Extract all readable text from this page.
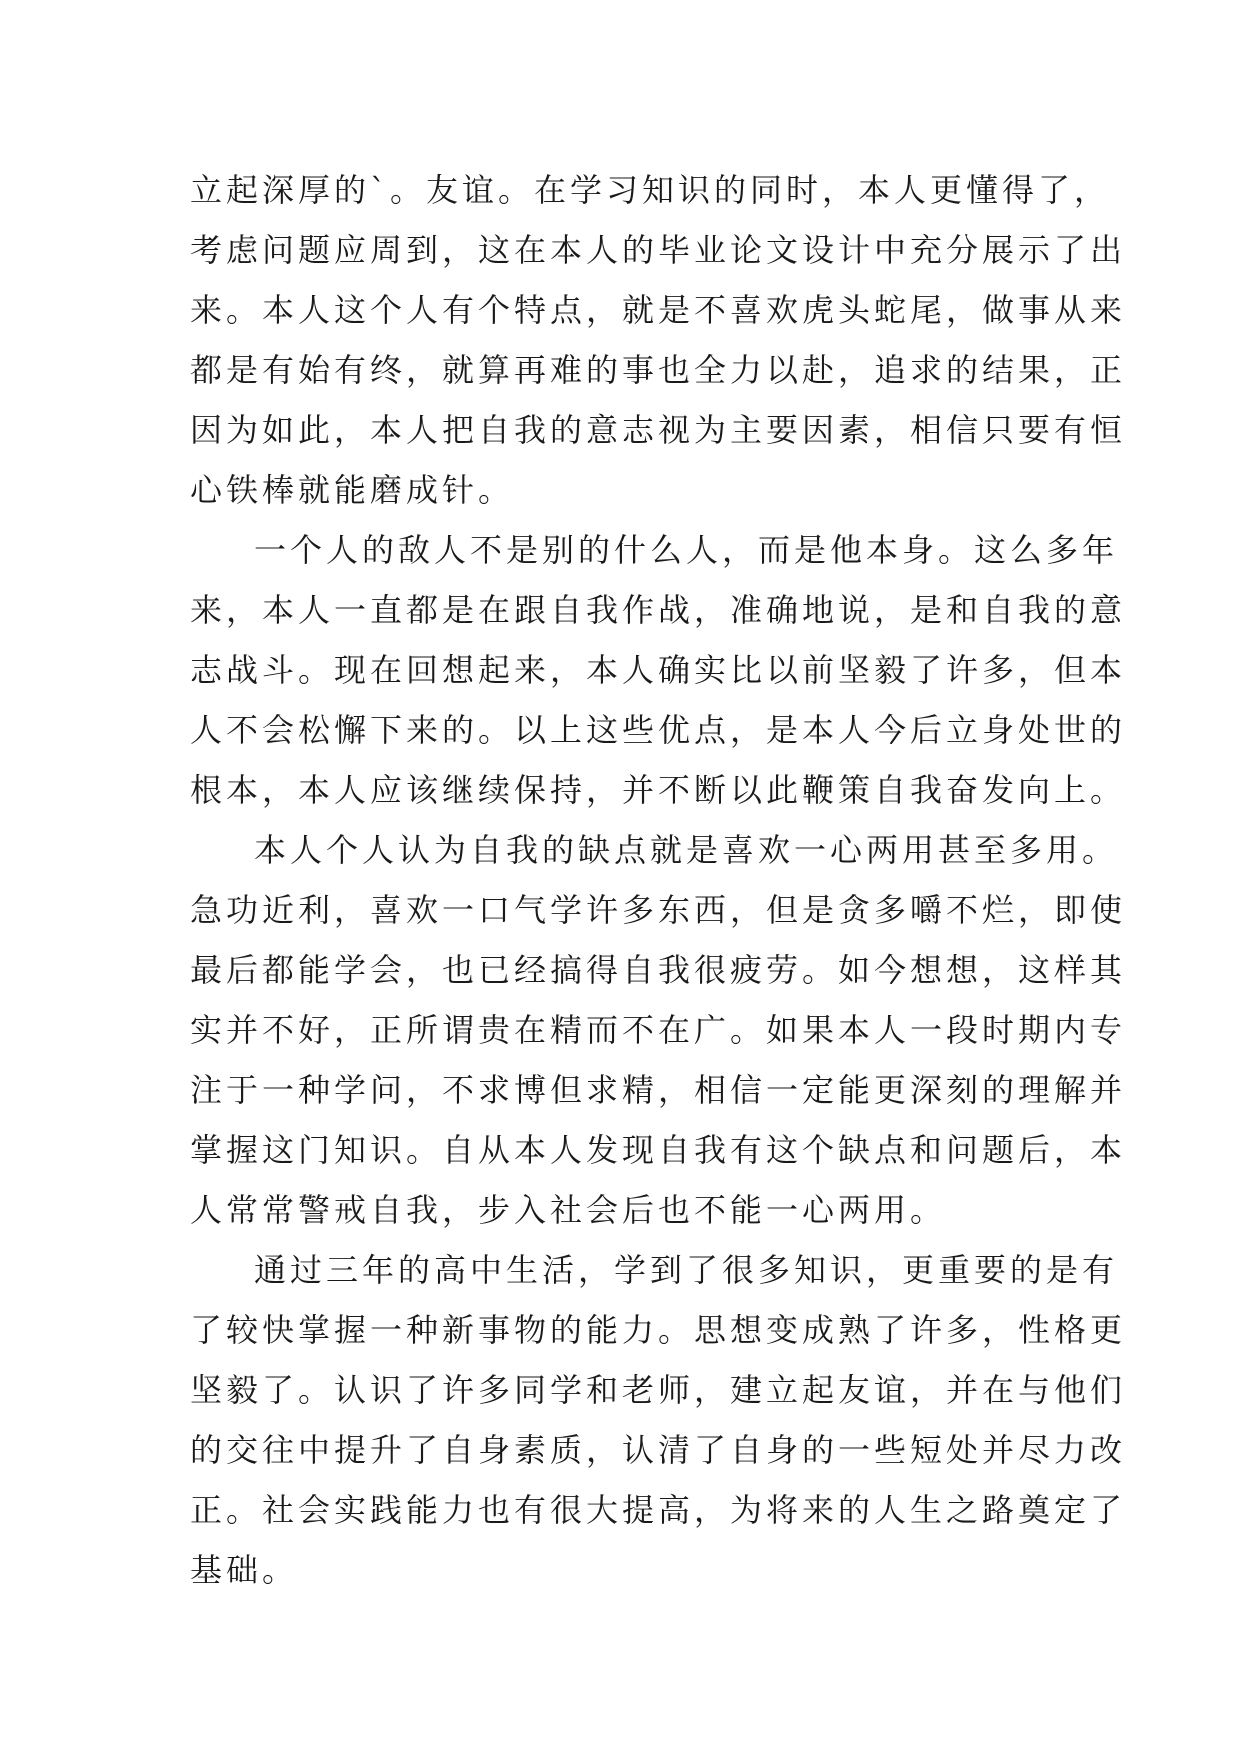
立起深厚的`。友谊。在学习知识的同时，本人更懂得了，
考虑问题应周到，这在本人的毕业论文设计中充分展示了出
来。本人这个人有个特点，就是不喜欢虎头蛇尾，做事从来
都是有始有终，就算再难的事也全力以赴，追求的结果，正
因为如此，本人把自我的意志视为主要因素，相信只要有恒
心铁棒就能磨成针。
一个人的敌人不是别的什么人，而是他本身。这么多年
来，本人一直都是在跟自我作战，准确地说，是和自我的意
志战斗。现在回想起来，本人确实比以前坚毅了许多，但本
人不会松懈下来的。以上这些优点，是本人今后立身处世的
根本，本人应该继续保持，并不断以此鞭策自我奋发向上。
本人个人认为自我的缺点就是喜欢一心两用甚至多用。
急功近利，喜欢一口气学许多东西，但是贪多嚼不烂，即使
最后都能学会，也已经搞得自我很疲劳。如今想想，这样其
实并不好，正所谓贵在精而不在广。如果本人一段时期内专
注于一种学问，不求博但求精，相信一定能更深刻的理解并
掌握这门知识。自从本人发现自我有这个缺点和问题后，本
人常常警戒自我，步入社会后也不能一心两用。
通过三年的高中生活，学到了很多知识，更重要的是有
了较快掌握一种新事物的能力。思想变成熟了许多，性格更
坚毅了。认识了许多同学和老师，建立起友谊，并在与他们
的交往中提升了自身素质，认清了自身的一些短处并尽力改
正。社会实践能力也有很大提高，为将来的人生之路奠定了
基础。
